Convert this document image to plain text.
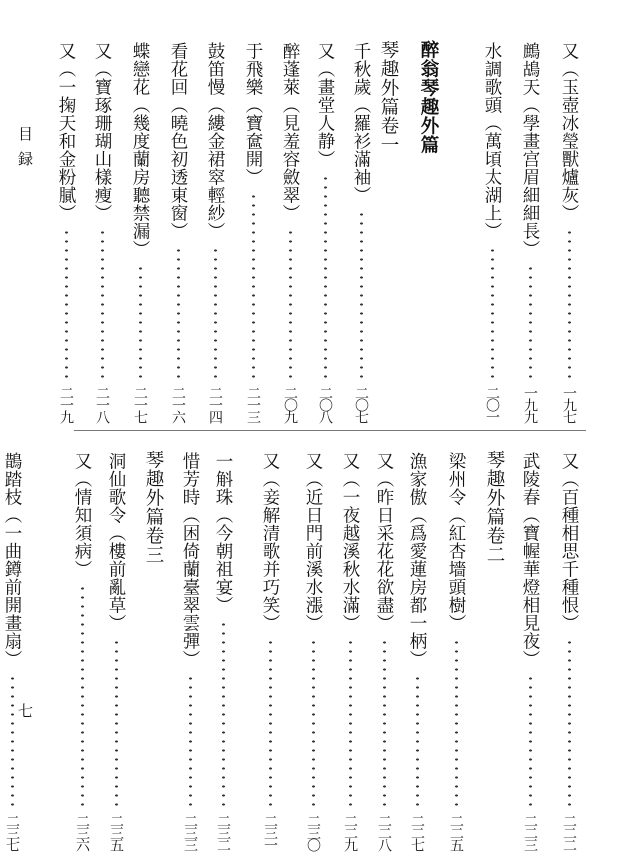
目録
七
又（玉壺冰瑩獸爐灰）
一九七
鷓鴣天（學畫宫眉細細長）
一九九
水調歌頭（萬頃太湖上）
二〇一
醉翁琴趣外篇
琴趣外篇卷一
千秋歲（羅衫滿袖）
二〇七
又（畫堂人静）
二〇八
醉蓬萊（見羞容斂翠）
二〇九
于飛樂（寶奩開）
二一三
鼓笛慢（縷金裙窣輕紗）
二一四
看花回（曉色初透東窗）
二一六
蝶戀花（幾度蘭房聽禁漏）
二一七
又（寶琢珊瑚山樣瘦）
二一八
又（一掬天和金粉膩）
二一九
又（百種相思千種恨）
二二二
武陵春（寶幄華燈相見夜）
二二三
琴趣外篇卷二
梁州令（紅杏墻頭樹）
二二五
漁家傲（爲愛蓮房都一柄）
二二七
又（昨日采花花欲盡）
二二八
又（一夜越溪秋水滿）
二二九
又（近日門前溪水漲）
二三〇
又（妾解清歌并巧笑）
二三一
一斛珠（今朝祖宴）
二三二
惜芳時（困倚蘭臺翠雲彈）
二三三
琴趣外篇卷三
洞仙歌令（樓前亂草）
二三五
又（情知須病）
二三六
鵲踏枝（一曲鐏前開畫扇）
二三七
